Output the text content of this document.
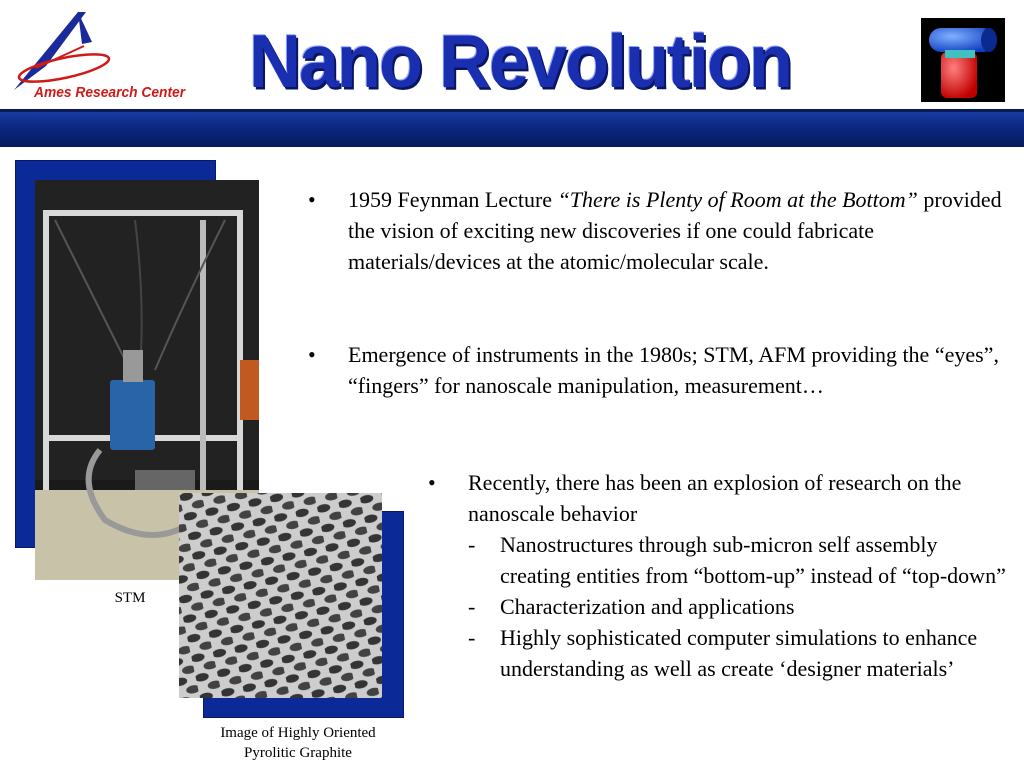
Ames Research Center Nano Revolution
STM
Image of Highly Oriented
Pyrolitic Graphite
• 1959 Feynman Lecture “There is Plenty of Room at the Bottom” provided the vision of exciting new discoveries if one could fabricate materials/devices at the atomic/molecular scale.
• Emergence of instruments in the 1980s; STM, AFM providing the “eyes”, “fingers” for nanoscale manipulation, measurement…
• Recently, there has been an explosion of research on the nanoscale behavior
- Nanostructures through sub-micron self assembly creating entities from “bottom-up” instead of “top-down”
- Characterization and applications
- Highly sophisticated computer simulations to enhance understanding as well as create ‘designer materials’
